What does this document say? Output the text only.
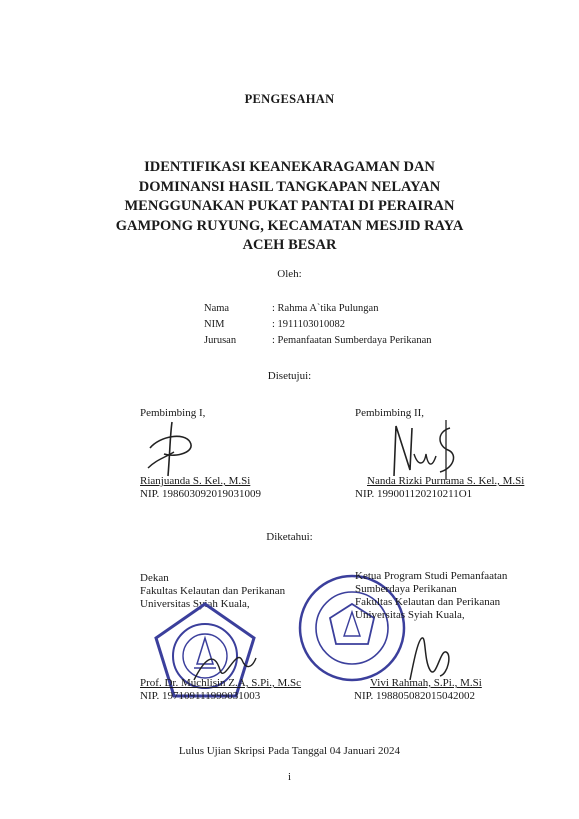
PENGESAHAN
IDENTIFIKASI KEANEKARAGAMAN DAN
DOMINANSI HASIL TANGKAPAN NELAYAN
MENGGUNAKAN PUKAT PANTAI DI PERAIRAN
GAMPONG RUYUNG, KECAMATAN MESJID RAYA
ACEH BESAR
Oleh:
Nama	: Rahma A`tika Pulungan
NIM	: 1911103010082
Jurusan	: Pemanfaatan Sumberdaya Perikanan
Disetujui:
Pembimbing I,
Rianjuanda S. Kel., M.Si
NIP. 198603092019031009
Pembimbing II,
Nanda Rizki Purnama S. Kel., M.Si
NIP. 199001120210211O1
Diketahui:
Dekan
Fakultas Kelautan dan Perikanan
Universitas Syiah Kuala,
Prof. Dr. Muchlisin Z.A, S.Pi., M.Sc
NIP. 197109111999031003
Ketua Program Studi Pemanfaatan
Sumberdaya Perikanan
Fakultas Kelautan dan Perikanan
Universitas Syiah Kuala,
Vivi Rahmah, S.Pi., M.Si
NIP. 198805082015042002
Lulus Ujian Skripsi Pada Tanggal 04 Januari 2024
i
